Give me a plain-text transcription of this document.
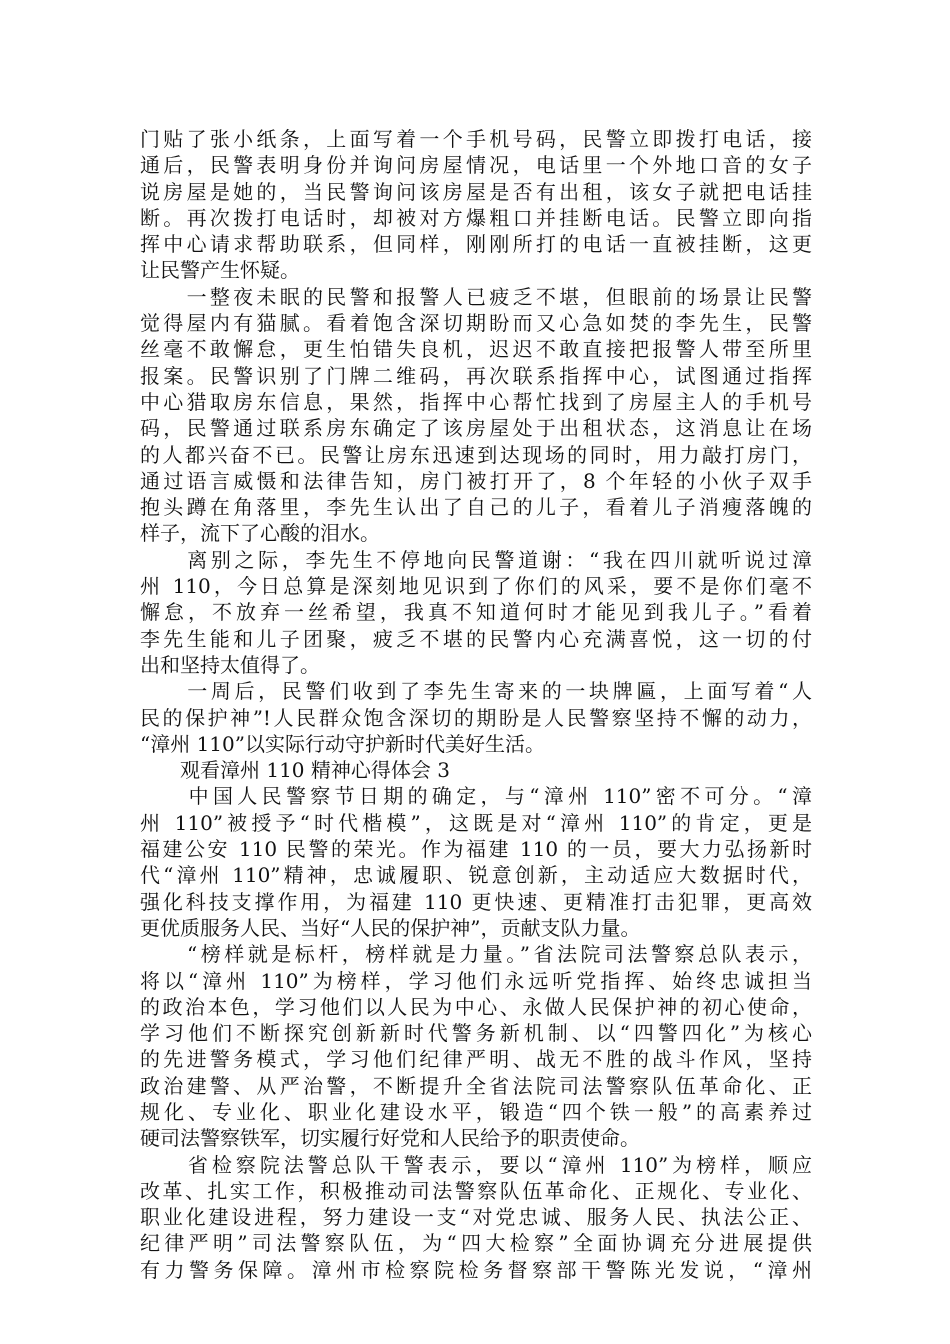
门贴了张小纸条，上面写着一个手机号码，民警立即拨打电话，接
通后，民警表明身份并询问房屋情况，电话里一个外地口音的女子
说房屋是她的，当民警询问该房屋是否有出租，该女子就把电话挂
断。再次拨打电话时，却被对方爆粗口并挂断电话。民警立即向指
挥中心请求帮助联系，但同样，刚刚所打的电话一直被挂断，这更
让民警产生怀疑。
　　一整夜未眠的民警和报警人已疲乏不堪，但眼前的场景让民警
觉得屋内有猫腻。看着饱含深切期盼而又心急如焚的李先生，民警
丝毫不敢懈怠，更生怕错失良机，迟迟不敢直接把报警人带至所里
报案。民警识别了门牌二维码，再次联系指挥中心，试图通过指挥
中心猎取房东信息，果然，指挥中心帮忙找到了房屋主人的手机号
码，民警通过联系房东确定了该房屋处于出租状态，这消息让在场
的人都兴奋不已。民警让房东迅速到达现场的同时，用力敲打房门，
通过语言威慑和法律告知，房门被打开了，8 个年轻的小伙子双手
抱头蹲在角落里，李先生认出了自己的儿子，看着儿子消瘦落魄的
样子，流下了心酸的泪水。
　　离别之际，李先生不停地向民警道谢：“我在四川就听说过漳
州 110，今日总算是深刻地见识到了你们的风采，要不是你们毫不
懈怠，不放弃一丝希望，我真不知道何时才能见到我儿子。”看着
李先生能和儿子团聚，疲乏不堪的民警内心充满喜悦，这一切的付
出和坚持太值得了。
　　一周后，民警们收到了李先生寄来的一块牌匾，上面写着“人
民的保护神”!人民群众饱含深切的期盼是人民警察坚持不懈的动力，
“漳州 110”以实际行动守护新时代美好生活。
　　观看漳州 110 精神心得体会 3
　　中国人民警察节日期的确定，与“漳州 110”密不可分。“漳
州 110”被授予“时代楷模”，这既是对“漳州 110”的肯定，更是
福建公安 110 民警的荣光。作为福建 110 的一员，要大力弘扬新时
代“漳州 110”精神，忠诚履职、锐意创新，主动适应大数据时代，
强化科技支撑作用，为福建 110 更快速、更精准打击犯罪，更高效
更优质服务人民、当好“人民的保护神”，贡献支队力量。
　　“榜样就是标杆，榜样就是力量。”省法院司法警察总队表示，
将以“漳州 110”为榜样，学习他们永远听党指挥、始终忠诚担当
的政治本色，学习他们以人民为中心、永做人民保护神的初心使命，
学习他们不断探究创新新时代警务新机制、以“四警四化”为核心
的先进警务模式，学习他们纪律严明、战无不胜的战斗作风，坚持
政治建警、从严治警，不断提升全省法院司法警察队伍革命化、正
规化、专业化、职业化建设水平，锻造“四个铁一般”的高素养过
硬司法警察铁军，切实履行好党和人民给予的职责使命。
　　省检察院法警总队干警表示，要以“漳州 110”为榜样，顺应
改革、扎实工作，积极推动司法警察队伍革命化、正规化、专业化、
职业化建设进程，努力建设一支“对党忠诚、服务人民、执法公正、
纪律严明”司法警察队伍，为“四大检察”全面协调充分进展提供
有力警务保障。漳州市检察院检务督察部干警陈光发说，“漳州
